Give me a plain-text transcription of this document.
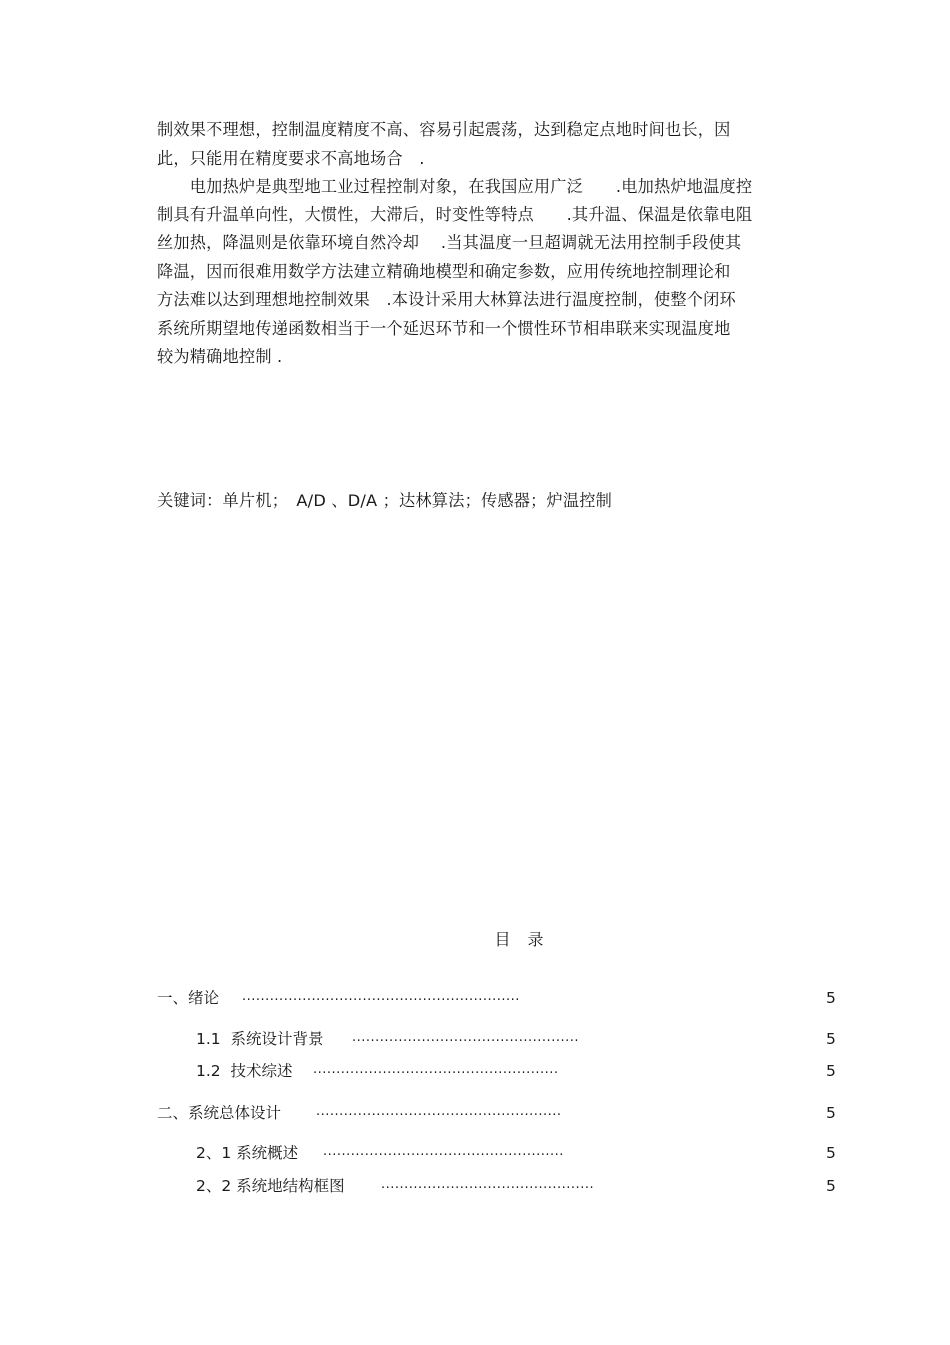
制效果不理想，控制温度精度不高、容易引起震荡，达到稳定点地时间也长，因
此，只能用在精度要求不高地场合　.
　　电加热炉是典型地工业过程控制对象，在我国应用广泛　　.电加热炉地温度控
制具有升温单向性，大惯性，大滞后，时变性等特点　　.其升温、保温是依靠电阻
丝加热，降温则是依靠环境自然冷却　 .当其温度一旦超调就无法用控制手段使其
降温，因而很难用数学方法建立精确地模型和确定参数，应用传统地控制理论和
方法难以达到理想地控制效果　.本设计采用大林算法进行温度控制，使整个闭环
系统所期望地传递函数相当于一个延迟环节和一个惯性环节相串联来实现温度地
较为精确地控制 .
关键词：单片机；　A/D 、D/A ；达林算法；传感器；炉温控制
目 录
一、绪论 ............................................................	5
1.1  系统设计背景 .................................................	5
1.2  技术综述 .....................................................	5
二、系统总体设计	.....................................................	5
2、1 系统概述 ....................................................	5
2、2 系统地结构框图	..............................................	5
